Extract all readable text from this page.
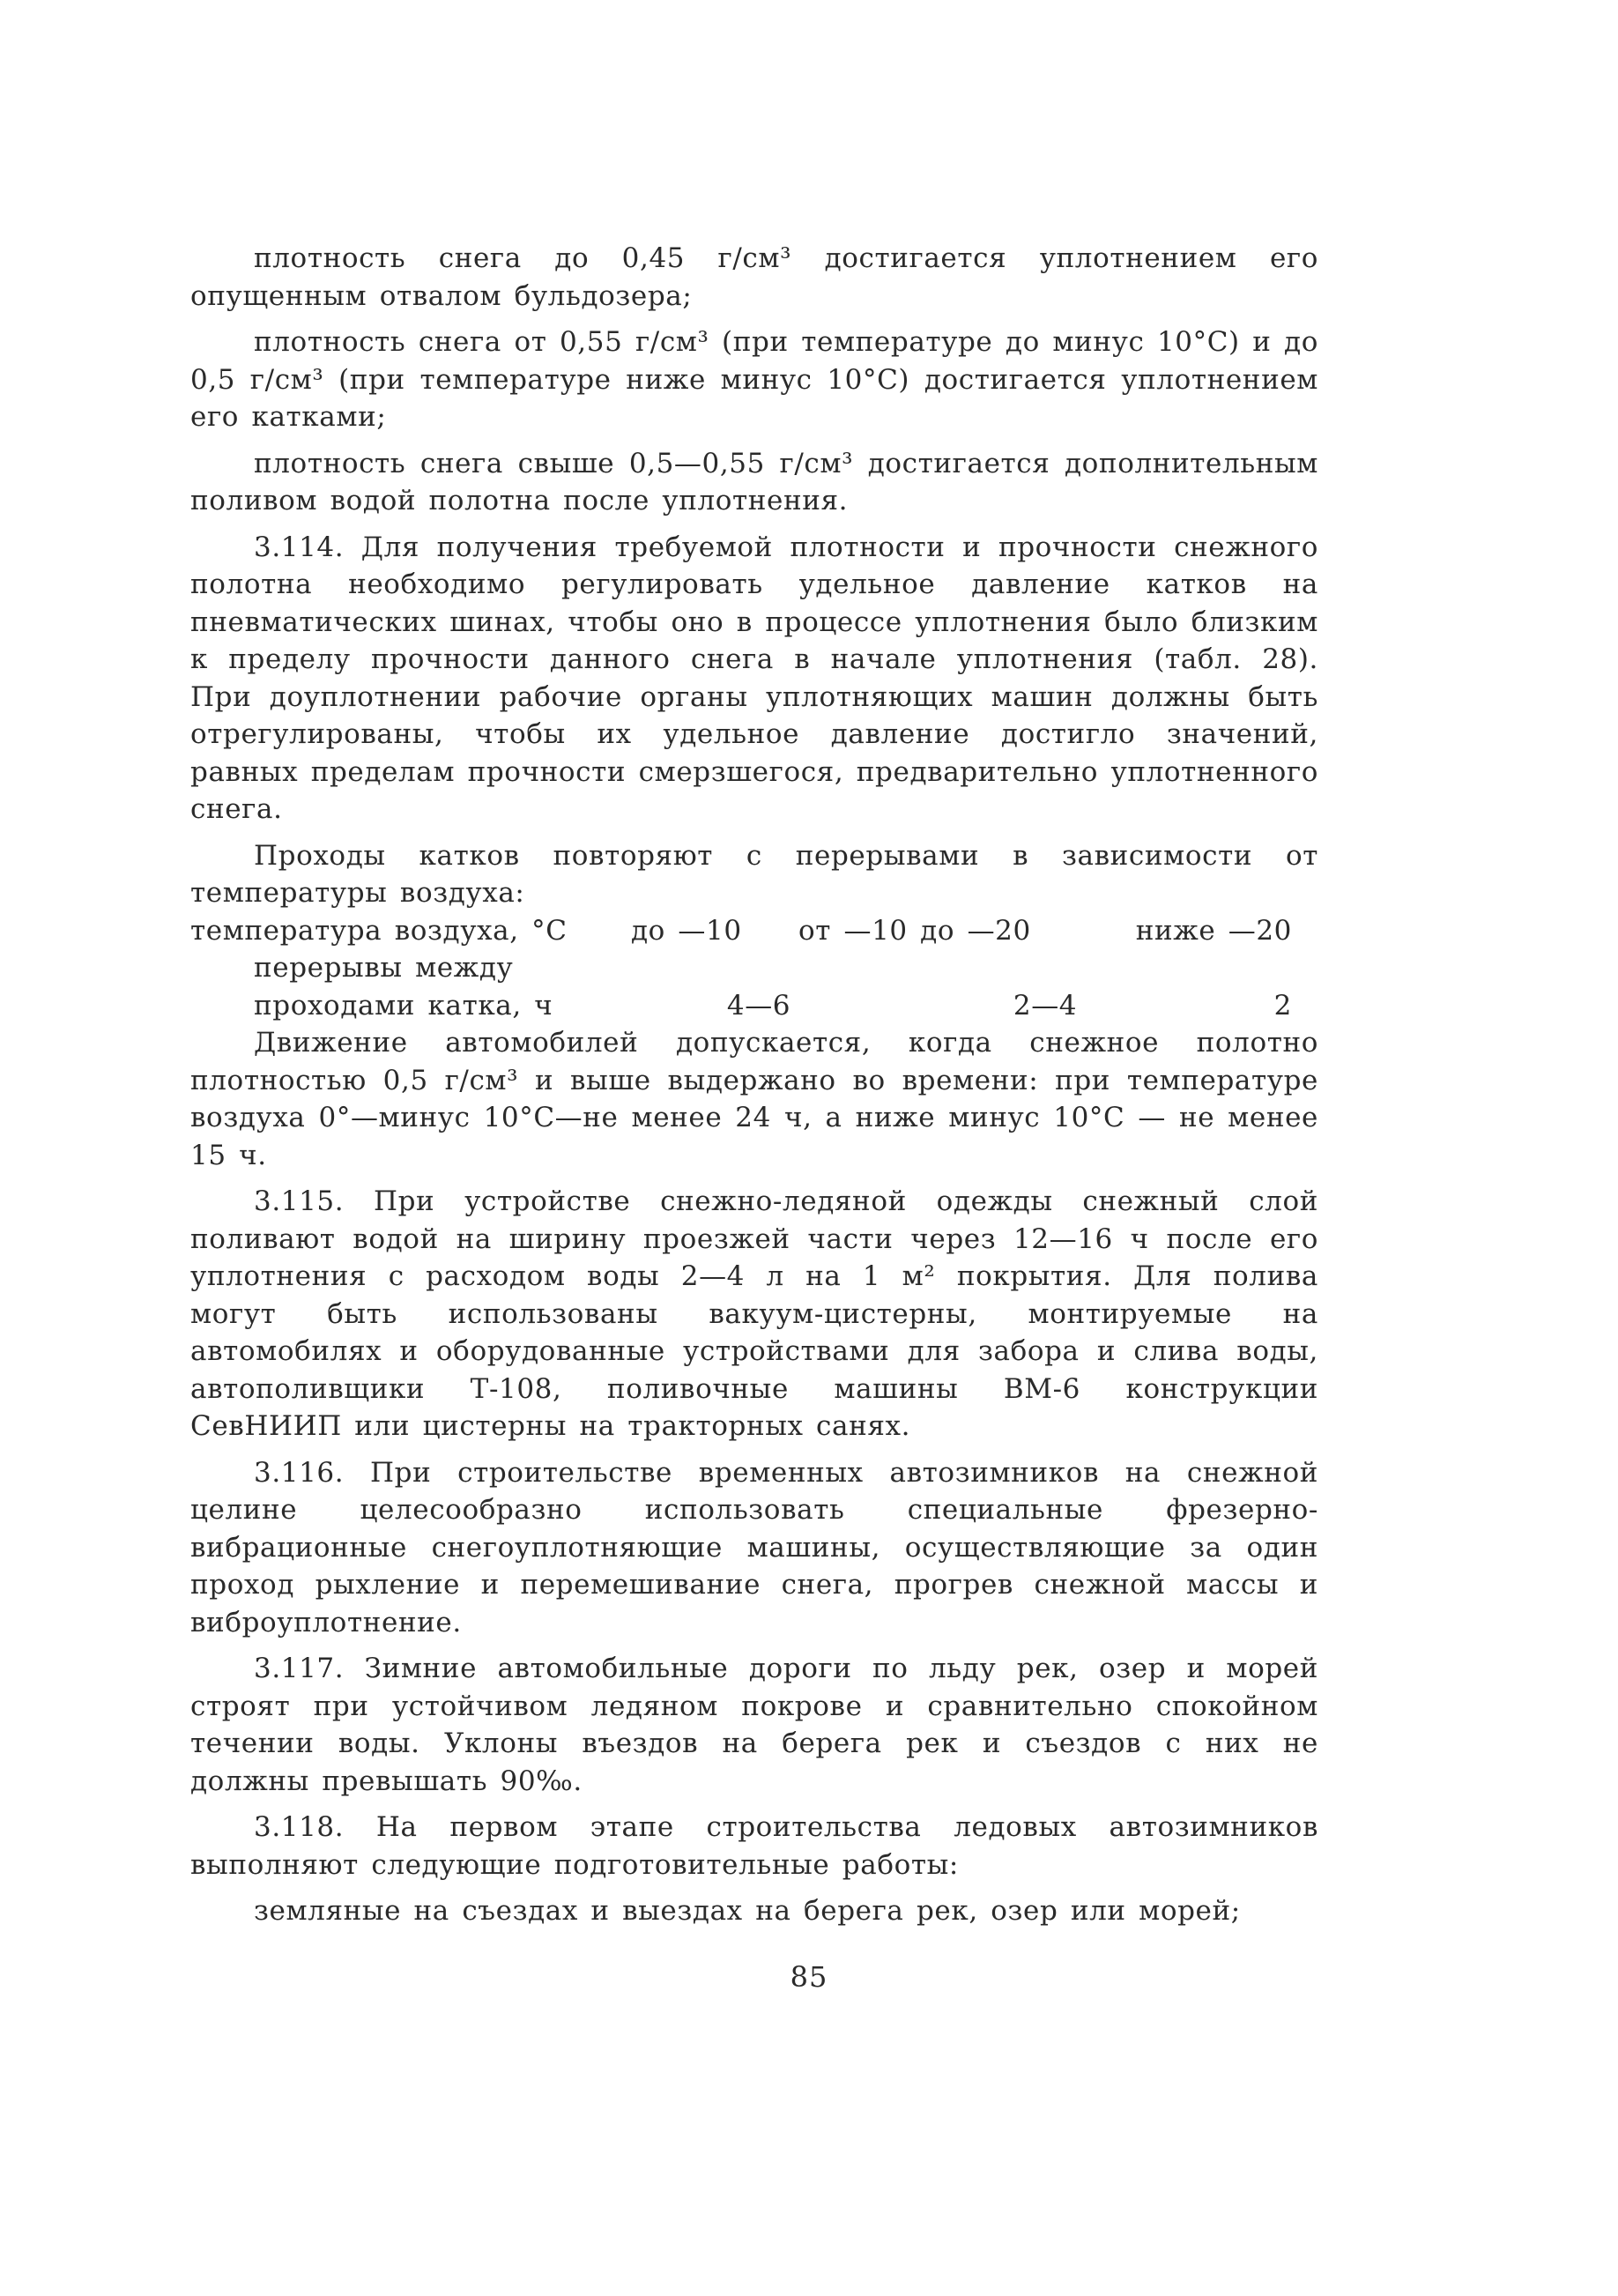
плотность снега до 0,45 г/см³ достигается уплотнением его опущенным отвалом бульдозера;

плотность снега от 0,55 г/см³ (при температуре до минус 10°C) и до 0,5 г/см³ (при температуре ниже минус 10°C) достигается уплотнением его катками;

плотность снега свыше 0,5—0,55 г/см³ достигается дополнительным поливом водой полотна после уплотнения.

3.114. Для получения требуемой плотности и прочности снежного полотна необходимо регулировать удельное давление катков на пневматических шинах, чтобы оно в процессе уплотнения было близким к пределу прочности данного снега в начале уплотнения (табл. 28). При доуплотнении рабочие органы уплотняющих машин должны быть отрегулированы, чтобы их удельное давление достигло значений, равных пределам прочности смерзшегося, предварительно уплотненного снега.

Проходы катков повторяют с перерывами в зависимости от температуры воздуха:

температура воздуха, °C	до —10	от —10 до —20	ниже —20
перерывы между
проходами катка, ч	4—6	2—4	2

Движение автомобилей допускается, когда снежное полотно плотностью 0,5 г/см³ и выше выдержано во времени: при температуре воздуха 0°—минус 10°C—не менее 24 ч, а ниже минус 10°C — не менее 15 ч.

3.115. При устройстве снежно-ледяной одежды снежный слой поливают водой на ширину проезжей части через 12—16 ч после его уплотнения с расходом воды 2—4 л на 1 м² покрытия. Для полива могут быть использованы вакуум-цистерны, монтируемые на автомобилях и оборудованные устройствами для забора и слива воды, автополивщики Т-108, поливочные машины ВМ-6 конструкции СевНИИП или цистерны на тракторных санях.

3.116. При строительстве временных автозимников на снежной целине целесообразно использовать специальные фрезерно-вибрационные снегоуплотняющие машины, осуществляющие за один проход рыхление и перемешивание снега, прогрев снежной массы и виброуплотнение.

3.117. Зимние автомобильные дороги по льду рек, озер и морей строят при устойчивом ледяном покрове и сравнительно спокойном течении воды. Уклоны въездов на берега рек и съездов с них не должны превышать 90‰.

3.118. На первом этапе строительства ледовых автозимников выполняют следующие подготовительные работы:

земляные на съездах и выездах на берега рек, озер или морей;

85
